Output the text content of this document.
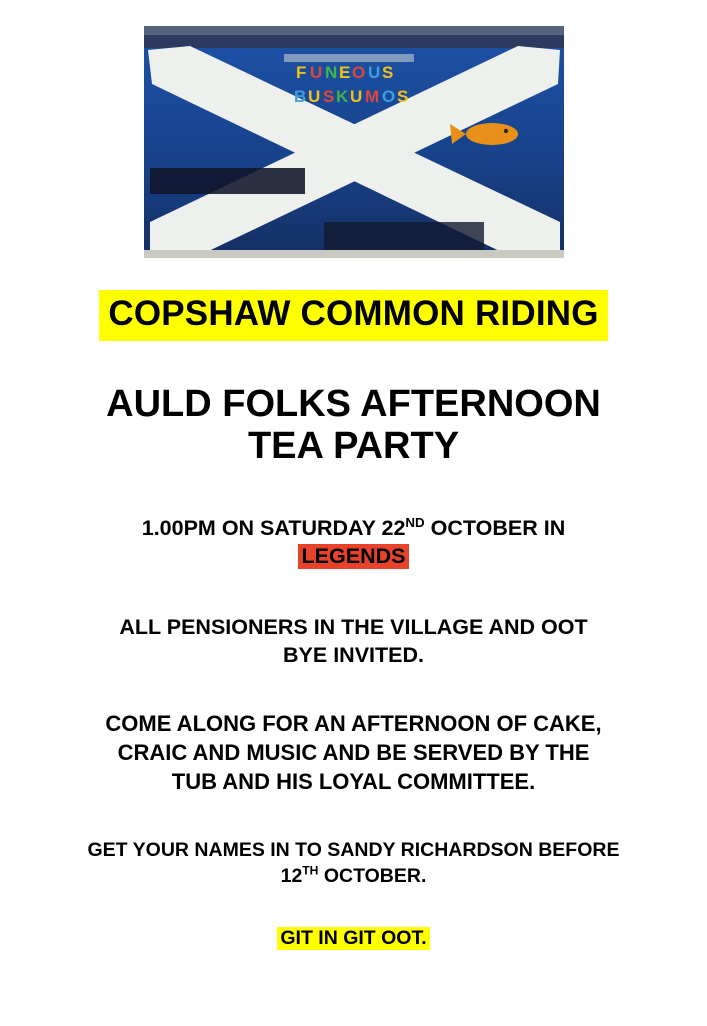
F U N E O U S
B U S K U M O S
COPSHAW COMMON RIDING
AULD FOLKS AFTERNOON
TEA PARTY
1.00PM ON SATURDAY 22ND OCTOBER IN
LEGENDS
ALL PENSIONERS IN THE VILLAGE AND OOT
BYE INVITED.
COME ALONG FOR AN AFTERNOON OF CAKE,
CRAIC AND MUSIC AND BE SERVED BY THE
TUB AND HIS LOYAL COMMITTEE.
GET YOUR NAMES IN TO SANDY RICHARDSON BEFORE
12TH OCTOBER.
GIT IN GIT OOT.
